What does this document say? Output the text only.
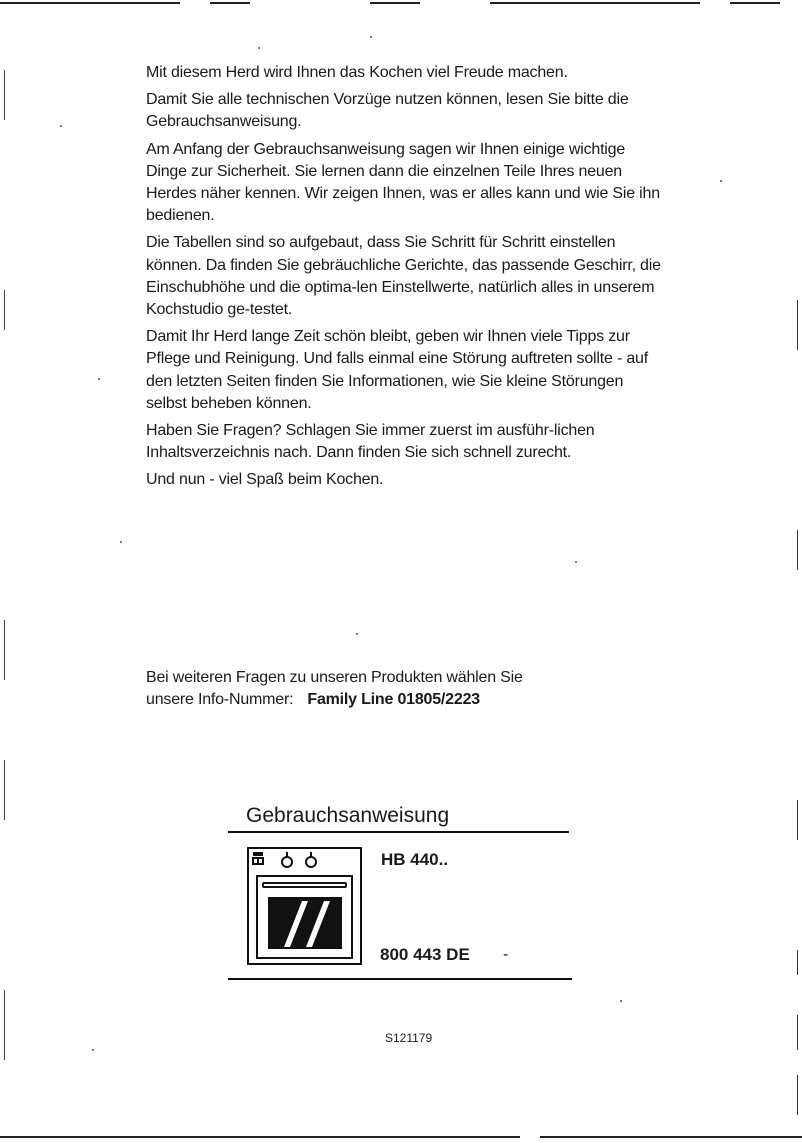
Mit diesem Herd wird Ihnen das Kochen viel Freude machen.

Damit Sie alle technischen Vorzüge nutzen können, lesen Sie bitte die Gebrauchsanweisung.

Am Anfang der Gebrauchsanweisung sagen wir Ihnen einige wichtige Dinge zur Sicherheit. Sie lernen dann die einzelnen Teile Ihres neuen Herdes näher kennen. Wir zeigen Ihnen, was er alles kann und wie Sie ihn bedienen.

Die Tabellen sind so aufgebaut, dass Sie Schritt für Schritt einstellen können. Da finden Sie gebräuchliche Gerichte, das passende Geschirr, die Einschubhöhe und die optima-len Einstellwerte, natürlich alles in unserem Kochstudio ge-testet.

Damit Ihr Herd lange Zeit schön bleibt, geben wir Ihnen viele Tipps zur Pflege und Reinigung. Und falls einmal eine Störung auftreten sollte - auf den letzten Seiten finden Sie Informationen, wie Sie kleine Störungen selbst beheben können.

Haben Sie Fragen? Schlagen Sie immer zuerst im ausführ-lichen Inhaltsverzeichnis nach. Dann finden Sie sich schnell zurecht.

Und nun - viel Spaß beim Kochen.

Bei weiteren Fragen zu unseren Produkten wählen Sie
unsere Info-Nummer: Family Line 01805/2223
Gebrauchsanweisung
HB 440..
800 443 DE -
S121179
